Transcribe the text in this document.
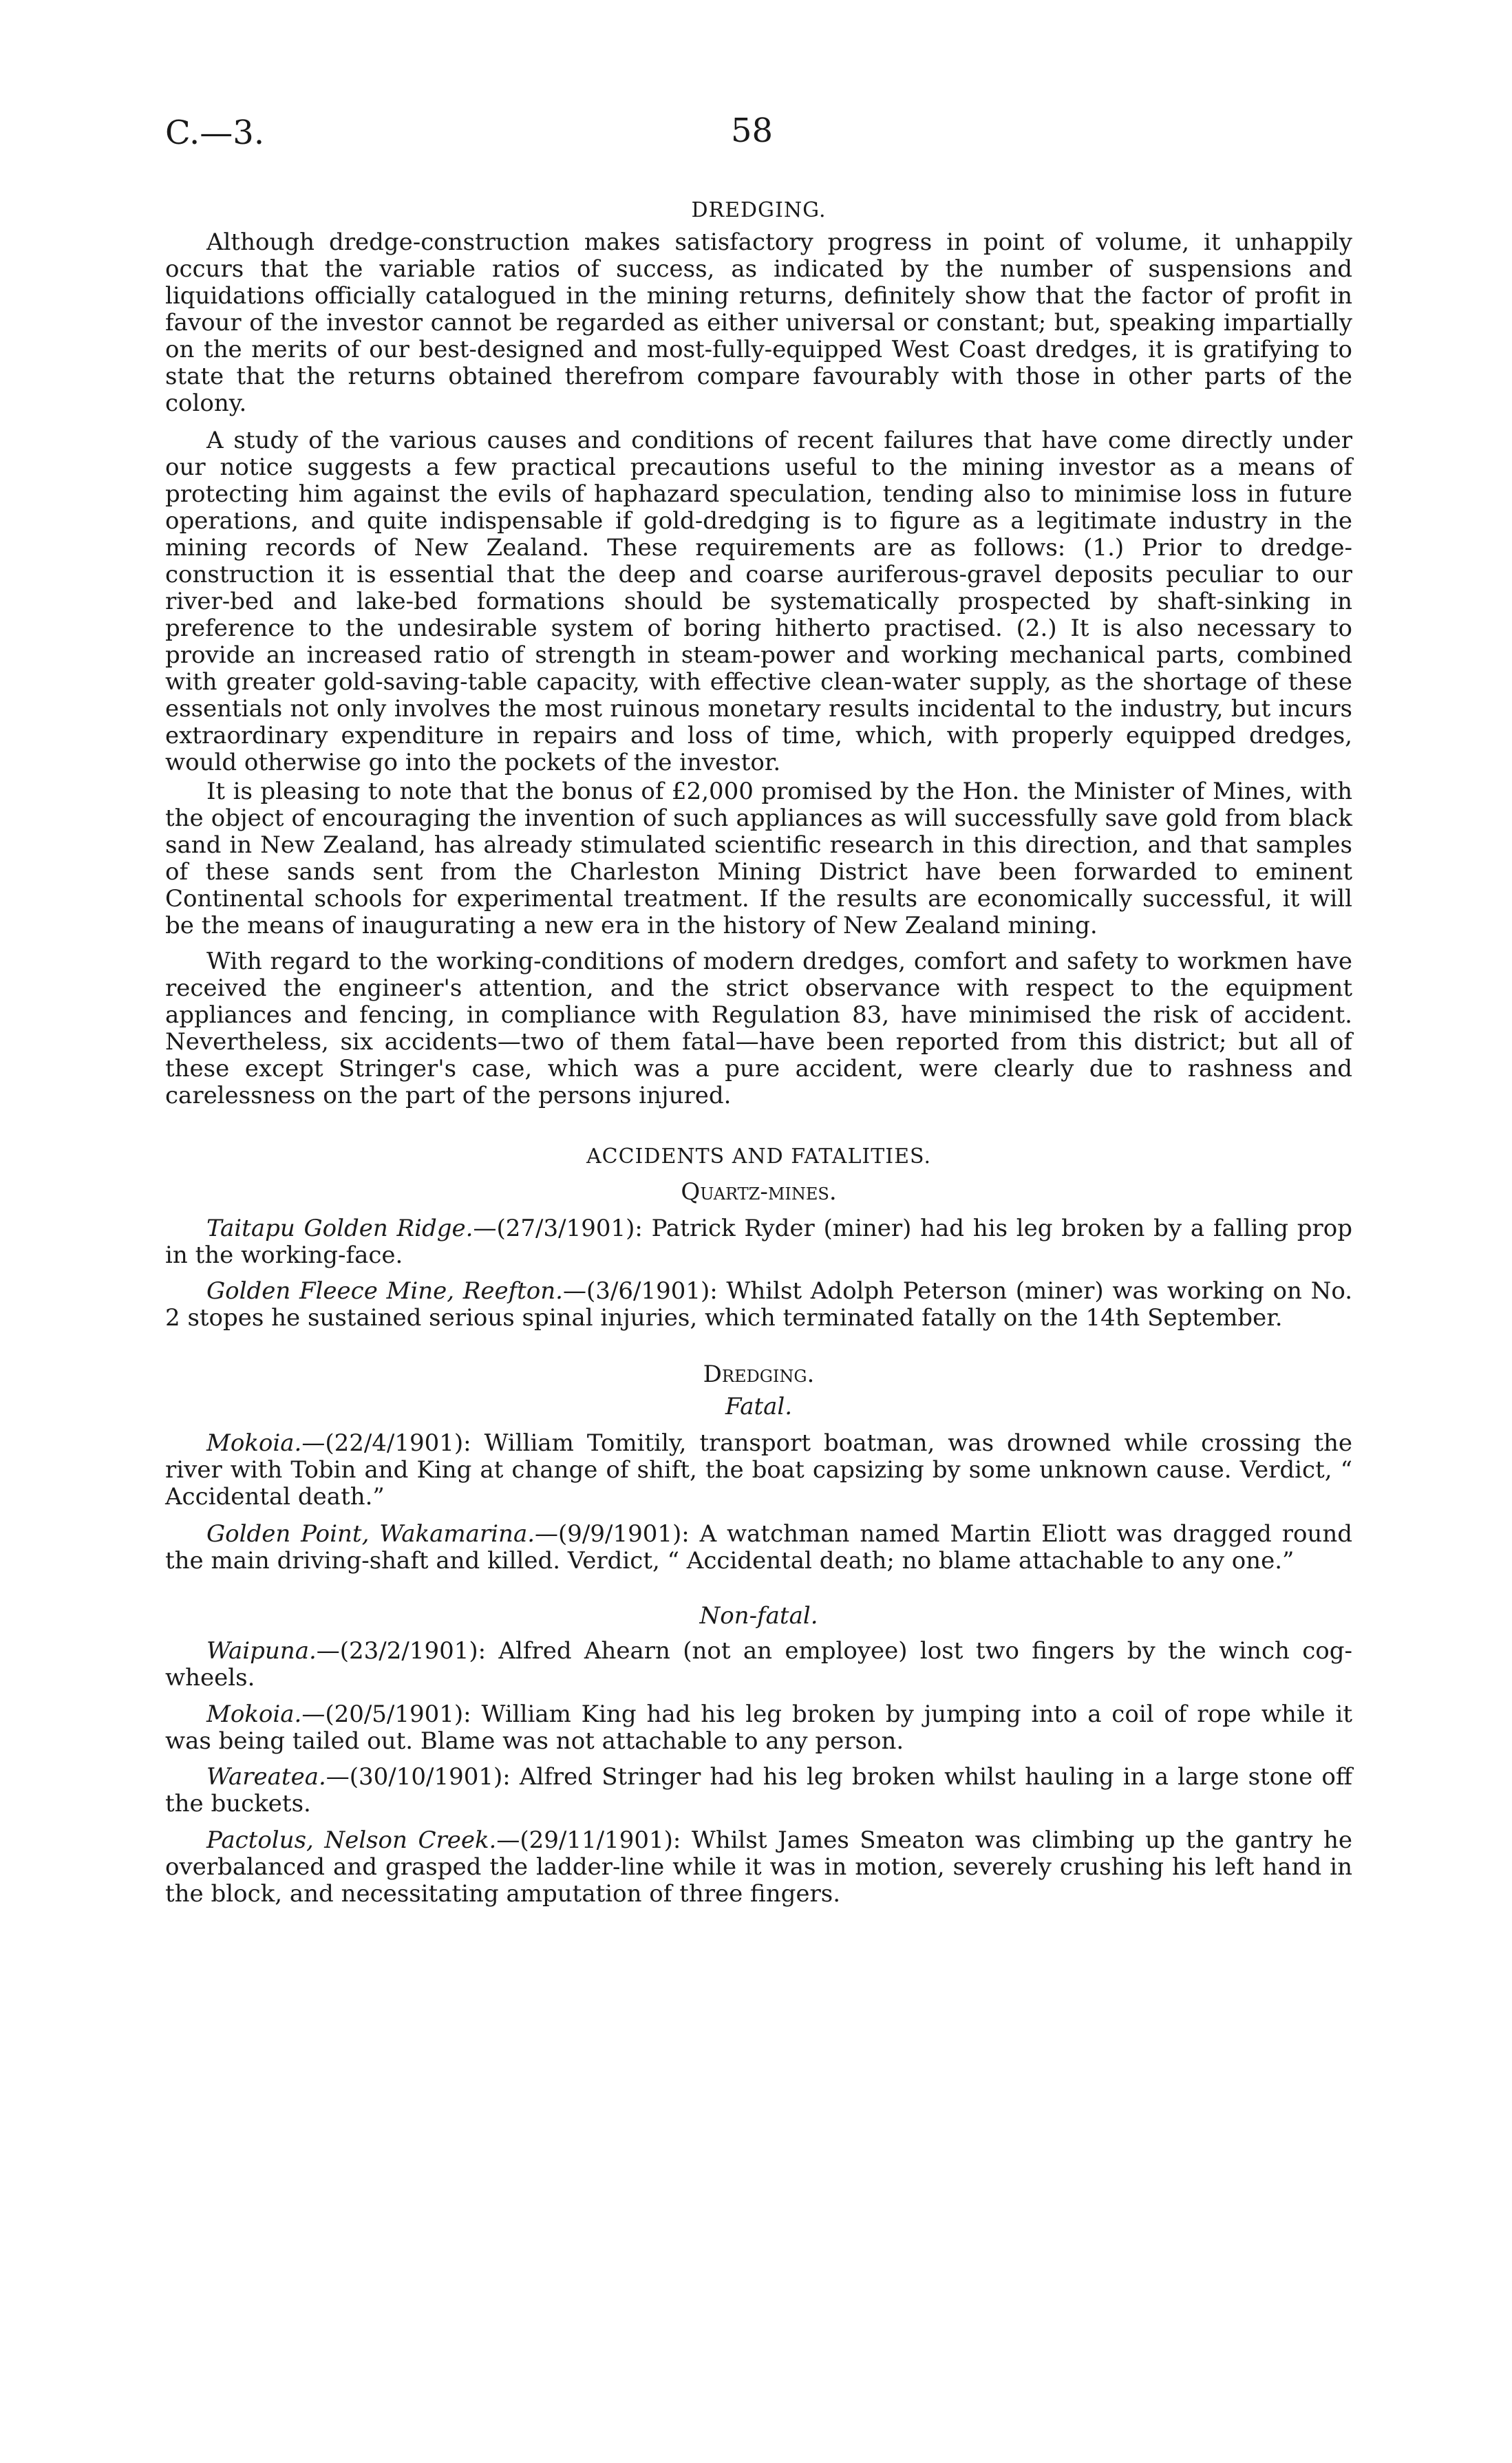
C.—3.	58
DREDGING.

Although dredge-construction makes satisfactory progress in point of volume, it unhappily occurs that the variable ratios of success, as indicated by the number of suspensions and liquidations officially catalogued in the mining returns, definitely show that the factor of profit in favour of the investor cannot be regarded as either universal or constant; but, speaking impartially on the merits of our best-designed and most-fully-equipped West Coast dredges, it is gratifying to state that the returns obtained therefrom compare favourably with those in other parts of the colony.

A study of the various causes and conditions of recent failures that have come directly under our notice suggests a few practical precautions useful to the mining investor as a means of protecting him against the evils of haphazard speculation, tending also to minimise loss in future operations, and quite indispensable if gold-dredging is to figure as a legitimate industry in the mining records of New Zealand. These requirements are as follows: (1.) Prior to dredge-construction it is essential that the deep and coarse auriferous-gravel deposits peculiar to our river-bed and lake-bed formations should be systematically prospected by shaft-sinking in preference to the undesirable system of boring hitherto practised. (2.) It is also necessary to provide an increased ratio of strength in steam-power and working mechanical parts, combined with greater gold-saving-table capacity, with effective clean-water supply, as the shortage of these essentials not only involves the most ruinous monetary results incidental to the industry, but incurs extraordinary expenditure in repairs and loss of time, which, with properly equipped dredges, would otherwise go into the pockets of the investor.

It is pleasing to note that the bonus of £2,000 promised by the Hon. the Minister of Mines, with the object of encouraging the invention of such appliances as will successfully save gold from black sand in New Zealand, has already stimulated scientific research in this direction, and that samples of these sands sent from the Charleston Mining District have been forwarded to eminent Continental schools for experimental treatment. If the results are economically successful, it will be the means of inaugurating a new era in the history of New Zealand mining.

With regard to the working-conditions of modern dredges, comfort and safety to workmen have received the engineer's attention, and the strict observance with respect to the equipment appliances and fencing, in compliance with Regulation 83, have minimised the risk of accident. Nevertheless, six accidents—two of them fatal—have been reported from this district; but all of these except Stringer's case, which was a pure accident, were clearly due to rashness and carelessness on the part of the persons injured.

ACCIDENTS AND FATALITIES.
Quartz-mines.

Taitapu Golden Ridge.—(27/3/1901): Patrick Ryder (miner) had his leg broken by a falling prop in the working-face.

Golden Fleece Mine, Reefton.—(3/6/1901): Whilst Adolph Peterson (miner) was working on No. 2 stopes he sustained serious spinal injuries, which terminated fatally on the 14th September.

Dredging.
Fatal.

Mokoia.—(22/4/1901): William Tomitily, transport boatman, was drowned while crossing the river with Tobin and King at change of shift, the boat capsizing by some unknown cause. Verdict, “ Accidental death.”

Golden Point, Wakamarina.—(9/9/1901): A watchman named Martin Eliott was dragged round the main driving-shaft and killed. Verdict, “ Accidental death; no blame attachable to any one.”

Non-fatal.

Waipuna.—(23/2/1901): Alfred Ahearn (not an employee) lost two fingers by the winch cog-wheels.

Mokoia.—(20/5/1901): William King had his leg broken by jumping into a coil of rope while it was being tailed out. Blame was not attachable to any person.

Wareatea.—(30/10/1901): Alfred Stringer had his leg broken whilst hauling in a large stone off the buckets.

Pactolus, Nelson Creek.—(29/11/1901): Whilst James Smeaton was climbing up the gantry he overbalanced and grasped the ladder-line while it was in motion, severely crushing his left hand in the block, and necessitating amputation of three fingers.
